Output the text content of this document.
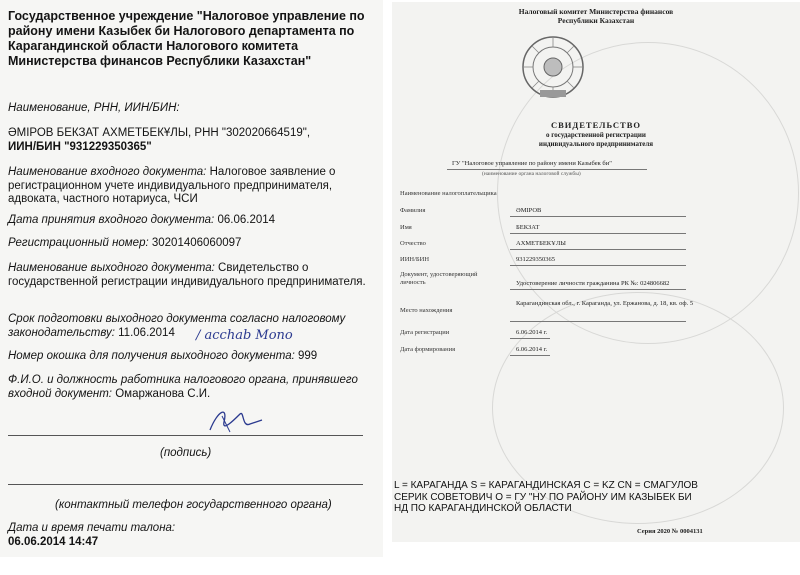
Государственное учреждение "Налоговое управление по району имени Казыбек би Налогового департамента по Карагандинской области Налогового комитета Министерства финансов Республики Казахстан"
Наименование, РНН, ИИН/БИН:
ӘМІРОВ БЕКЗАТ АХМЕТБЕКҰЛЫ, РНН "302020664519",
ИИН/БИН "931229350365"
Наименование входного документа: Налоговое заявление о регистрационном учете индивидуального предпринимателя, адвоката, частного нотариуса, ЧСИ
Дата принятия входного документа: 06.06.2014
Регистрационный номер: 30201406060097
Наименование выходного документа: Свидетельство о государственной регистрации индивидуального предпринимателя.
Срок подготовки выходного документа согласно налоговому законодательству: 11.06.2014	/ acchab Mono
Номер окошка для получения выходного документа: 999
Ф.И.О. и должность работника налогового органа, принявшего входной документ: Омаржанова С.И.
(подпись)
(контактный телефон государственного органа)
Дата и время печати талона:
06.06.2014 14:47
Налоговый комитет Министерства финансов
Республики Казахстан
СВИДЕТЕЛЬСТВО
о государственной регистрации
индивидуального предпринимателя
ГУ "Налоговое управление по району имени Казыбек би"
(наименование органа налоговой службы)
Наименование налогоплательщика
Фамилия	ӘМІРОВ
Имя	БЕКЗАТ
Отчество	АХМЕТБЕКҰЛЫ
ИИН/БИН	931229350365
Документ, удостоверяющий личность	Удостоверение личности гражданина РК №: 024806682
Место нахождения
Карагандинская обл., г. Караганда, ул. Ержанова, д. 18, кв. оф. 5
Дата регистрации	6.06.2014 г.
Дата формирования	6.06.2014 г.
L = КАРАГАНДА S = КАРАГАНДИНСКАЯ С = KZ CN = СМАГУЛОВ СЕРИК СОВЕТОВИЧ O = ГУ "НУ ПО РАЙОНУ ИМ КАЗЫБЕК БИ НД ПО КАРАГАНДИНСКОЙ ОБЛАСТИ
Серия 2020 № 0004131
